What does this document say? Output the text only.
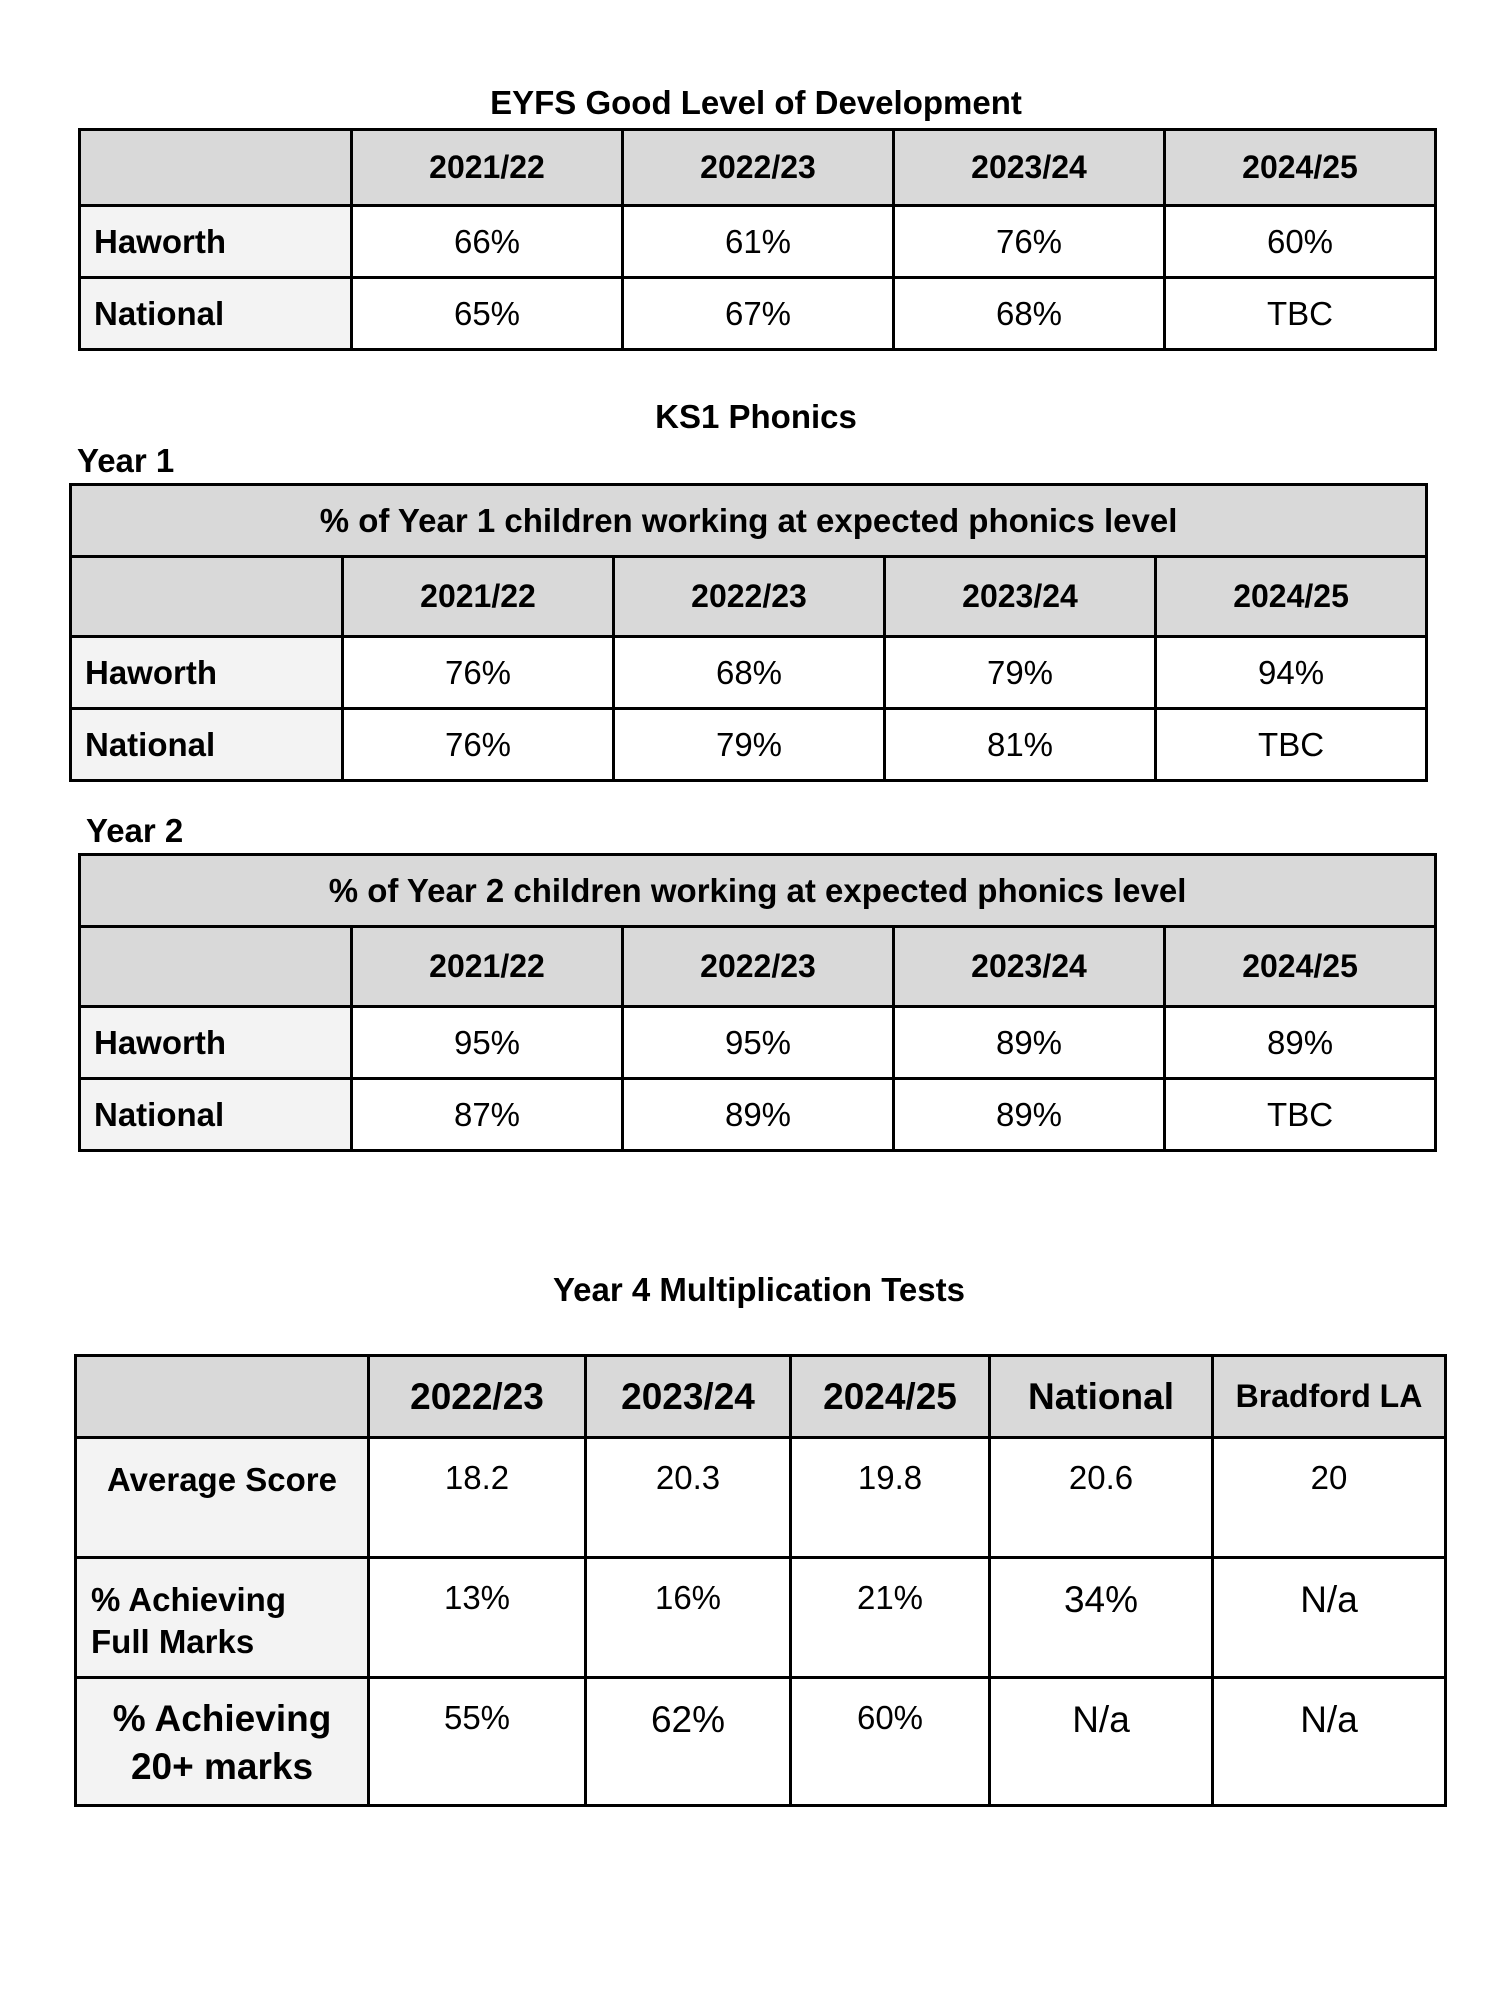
EYFS Good Level of Development
	2021/22	2022/23	2023/24	2024/25
Haworth	66%	61%	76%	60%
National	65%	67%	68%	TBC
KS1 Phonics
Year 1
% of Year 1 children working at expected phonics level				
	2021/22	2022/23	2023/24	2024/25
Haworth	76%	68%	79%	94%
National	76%	79%	81%	TBC
Year 2
% of Year 2 children working at expected phonics level				
	2021/22	2022/23	2023/24	2024/25
Haworth	95%	95%	89%	89%
National	87%	89%	89%	TBC
Year 4 Multiplication Tests
	2022/23	2023/24	2024/25	National	Bradford LA
Average Score	18.2	20.3	19.8	20.6	20
% Achieving
Full Marks	13%	16%	21%	34%	N/a
% Achieving
20+ marks	55%	62%	60%	N/a	N/a
